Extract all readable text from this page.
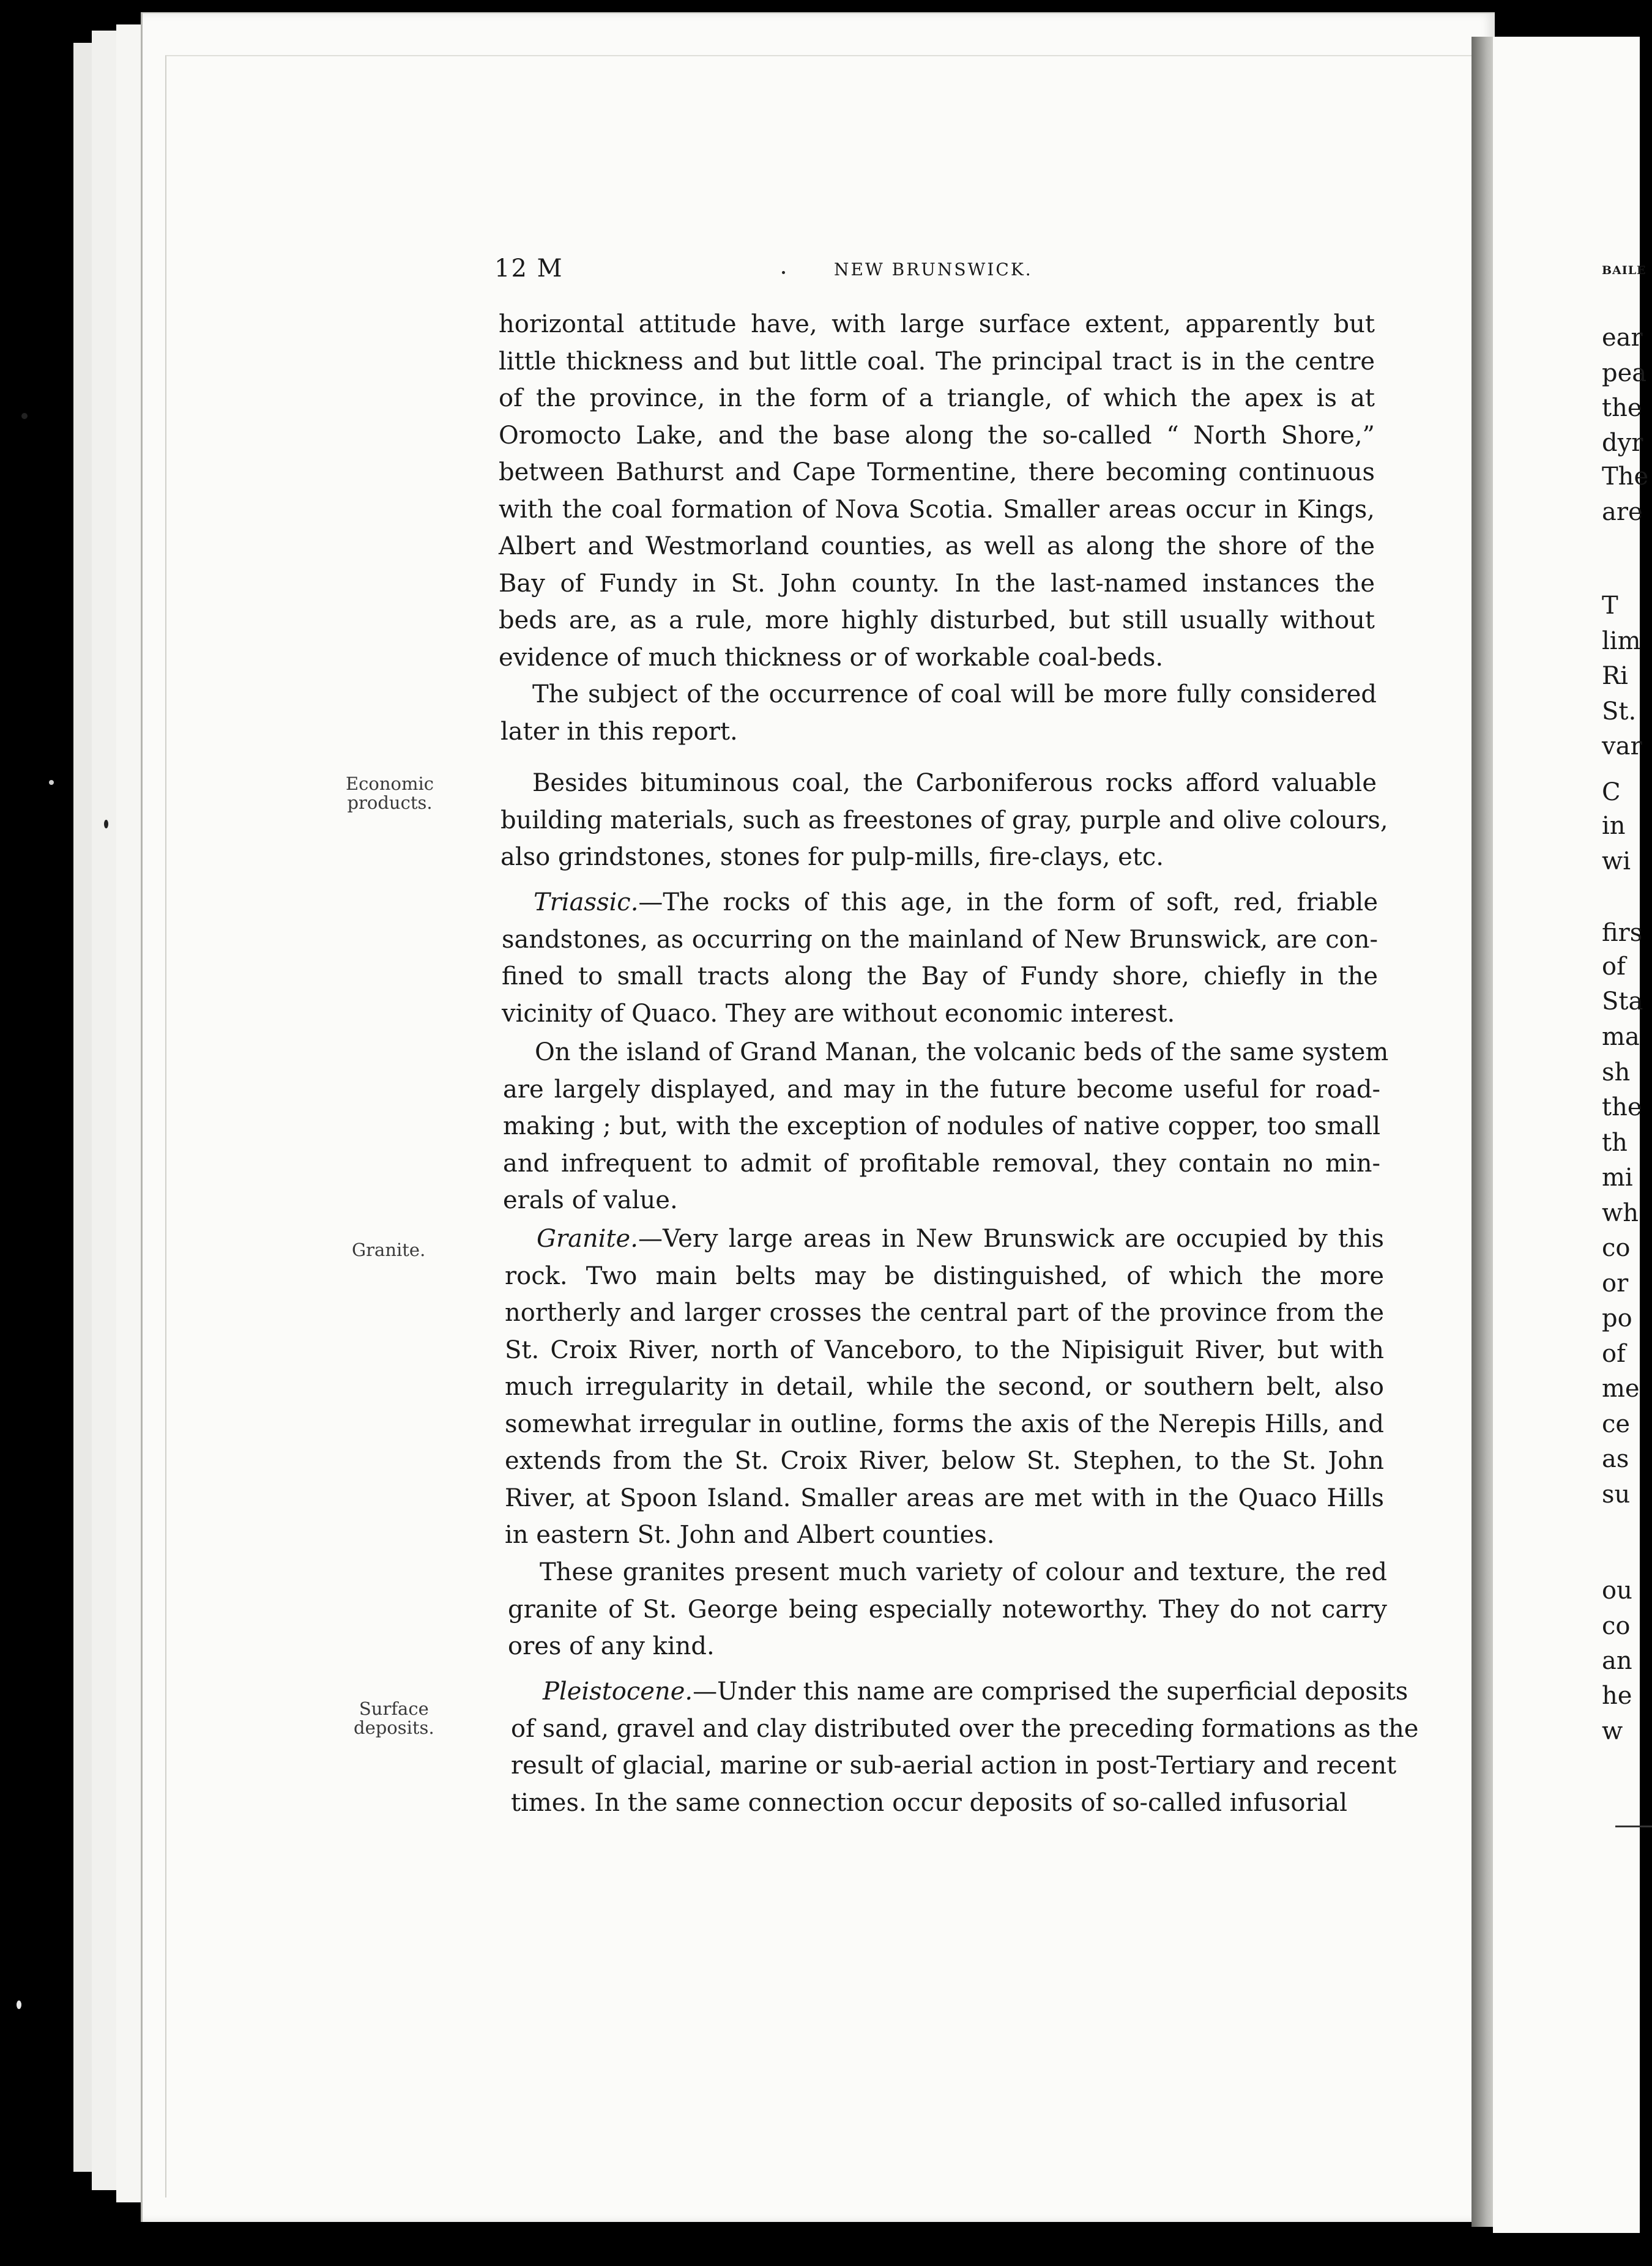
BAILE
ear
pea
the
dyr
The
are
T
lim
Ri
St.
var
C
in
wi
firs
of
Sta
ma
sh
the
th
mi
wh
co
or
po
of
me
ce
as
su
ou
co
an
he
w
12 M	NEW BRUNSWICK.
Economic
products.
Granite.
Surface
deposits.
horizontal attitude have, with large surface extent, apparently but
little thickness and but little coal. The principal tract is in the centre
of the province, in the form of a triangle, of which the apex is at
Oromocto Lake, and the base along the so-called “ North Shore,”
between Bathurst and Cape Tormentine, there becoming continuous
with the coal formation of Nova Scotia. Smaller areas occur in Kings,
Albert and Westmorland counties, as well as along the shore of the
Bay of Fundy in St. John county. In the last-named instances the
beds are, as a rule, more highly disturbed, but still usually without
evidence of much thickness or of workable coal-beds.
The subject of the occurrence of coal will be more fully considered
later in this report.
Besides bituminous coal, the Carboniferous rocks afford valuable
building materials, such as freestones of gray, purple and olive colours,
also grindstones, stones for pulp-mills, fire-clays, etc.
Triassic.—The rocks of this age, in the form of soft, red, friable
sandstones, as occurring on the mainland of New Brunswick, are con-
fined to small tracts along the Bay of Fundy shore, chiefly in the
vicinity of Quaco. They are without economic interest.
On the island of Grand Manan, the volcanic beds of the same system
are largely displayed, and may in the future become useful for road-
making ; but, with the exception of nodules of native copper, too small
and infrequent to admit of profitable removal, they contain no min-
erals of value.
Granite.—Very large areas in New Brunswick are occupied by this
rock. Two main belts may be distinguished, of which the more
northerly and larger crosses the central part of the province from the
St. Croix River, north of Vanceboro, to the Nipisiguit River, but with
much irregularity in detail, while the second, or southern belt, also
somewhat irregular in outline, forms the axis of the Nerepis Hills, and
extends from the St. Croix River, below St. Stephen, to the St. John
River, at Spoon Island. Smaller areas are met with in the Quaco Hills
in eastern St. John and Albert counties.
These granites present much variety of colour and texture, the red
granite of St. George being especially noteworthy. They do not carry
ores of any kind.
Pleistocene.—Under this name are comprised the superficial deposits
of sand, gravel and clay distributed over the preceding formations as the
result of glacial, marine or sub-aerial action in post-Tertiary and recent
times. In the same connection occur deposits of so-called infusorial
